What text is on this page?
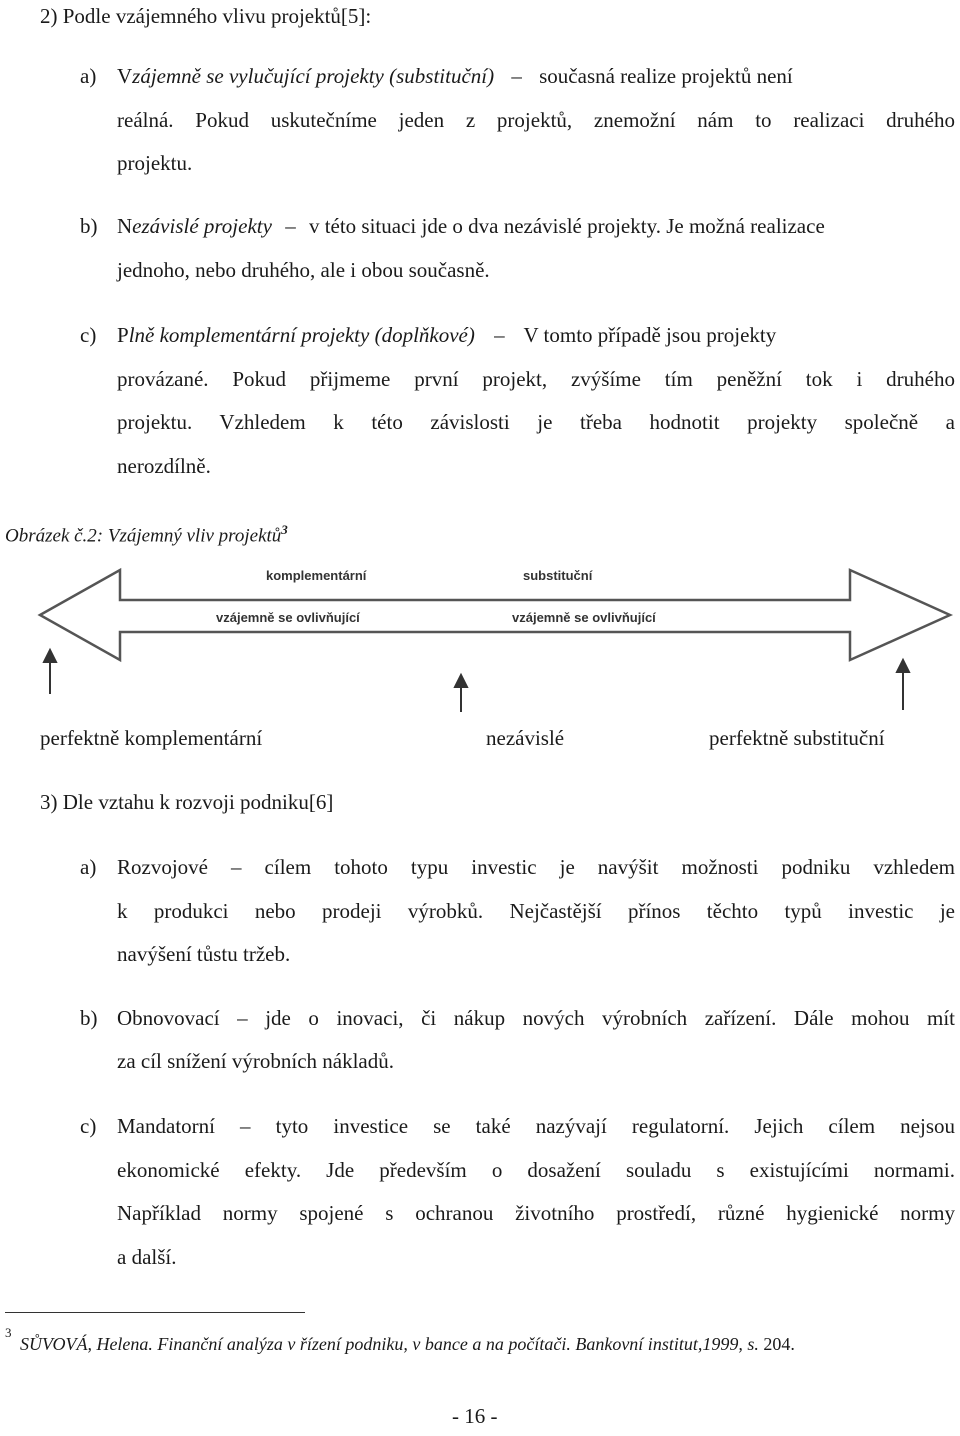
2) Podle vzájemného vlivu projektů[5]:
a) Vzájemně se vylučující projekty (substituční) – současná realize projektů není
reálná. Pokud uskutečníme jeden z projektů, znemožní nám to realizaci druhého
projektu.
b) Nezávislé projekty – v této situaci jde o dva nezávislé projekty. Je možná realizace
jednoho, nebo druhého, ale i obou současně.
c) Plně komplementární projekty (doplňkové) – V tomto případě jsou projekty
provázané. Pokud přijmeme první projekt, zvýšíme tím peněžní tok i druhého
projektu. Vzhledem k této závislosti je třeba hodnotit projekty společně a
nerozdílně.
Obrázek č.2: Vzájemný vliv projektů$^3$
komplementární	substituční
vzájemně se ovlivňující	vzájemně se ovlivňující
perfektně komplementární	nezávislé	perfektně substituční
3) Dle vztahu k rozvoji podniku[6]
a) Rozvojové – cílem tohoto typu investic je navýšit možnosti podniku vzhledem
k produkci nebo prodeji výrobků. Nejčastější přínos těchto typů investic je
navýšení tůstu tržeb.
b) Obnovovací – jde o inovaci, či nákup nových výrobních zařízení. Dále mohou mít
za cíl snížení výrobních nákladů.
c) Mandatorní – tyto investice se také nazývají regulatorní. Jejich cílem nejsou
ekonomické efekty. Jde především o dosažení souladu s existujícími normami.
Například normy spojené s ochranou životního prostředí, různé hygienické normy
a další.
3
SŮVOVÁ, Helena. Finanční analýza v řízení podniku, v bance a na počítači. Bankovní institut,1999, s. 204.
- 16 -
